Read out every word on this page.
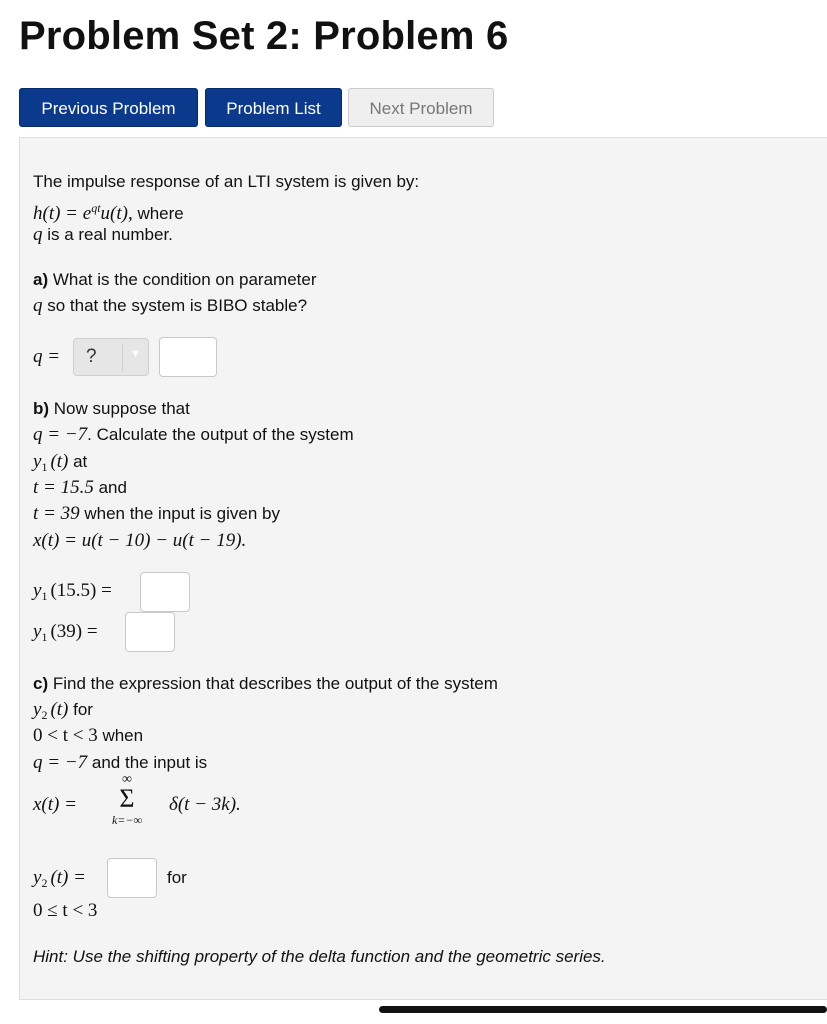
Problem Set 2: Problem 6
Previous Problem	Problem List	Next Problem
The impulse response of an LTI system is given by:
$h(t) = e^{qt}u(t)$, where
q is a real number.
a) What is the condition on parameter
q so that the system is BIBO stable?
q = ?	▼
b) Now suppose that
q = −7. Calculate the output of the system
$y_1$ (t) at
t = 15.5 and
t = 39 when the input is given by
x(t) = u(t − 10) − u(t − 19).
$y_1$ (15.5) =
$y_1$ (39) =
c) Find the expression that describes the output of the system
$y_2$ (t) for
0 < t < 3 when
q = −7 and the input is
x(t) =
∞
Σ
k=−∞
δ(t − 3k).
$y_2$ (t) =	for
0 ≤ t < 3
Hint: Use the shifting property of the delta function and the geometric series.
